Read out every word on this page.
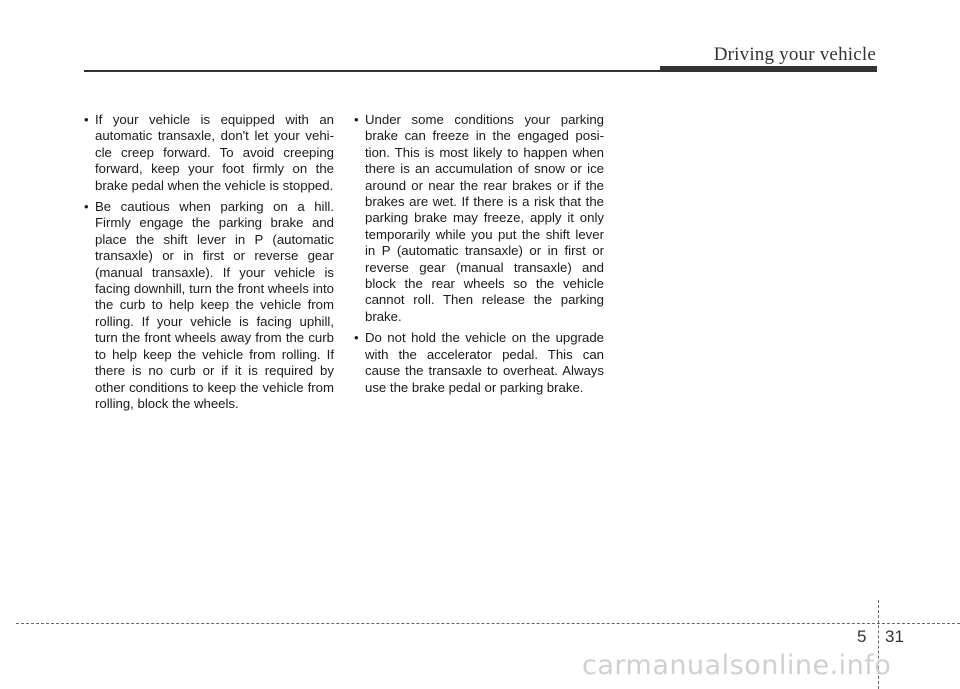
Driving your vehicle

• If your vehicle is equipped with an automatic transaxle, don't let your vehi-cle creep forward. To avoid creeping forward, keep your foot firmly on the brake pedal when the vehicle is stopped.

• Be cautious when parking on a hill. Firmly engage the parking brake and place the shift lever in P (automatic transaxle) or in first or reverse gear (manual transaxle). If your vehicle is facing downhill, turn the front wheels into the curb to help keep the vehicle from rolling. If your vehicle is facing uphill, turn the front wheels away from the curb to help keep the vehicle from rolling. If there is no curb or if it is required by other conditions to keep the vehicle from rolling, block the wheels.

• Under some conditions your parking brake can freeze in the engaged posi-tion. This is most likely to happen when there is an accumulation of snow or ice around or near the rear brakes or if the brakes are wet. If there is a risk that the parking brake may freeze, apply it only temporarily while you put the shift lever in P (automatic transaxle) or in first or reverse gear (manual transaxle) and block the rear wheels so the vehicle cannot roll. Then release the parking brake.

• Do not hold the vehicle on the upgrade with the accelerator pedal. This can cause the transaxle to overheat. Always use the brake pedal or parking brake.

5 31
carmanualsonline.info
